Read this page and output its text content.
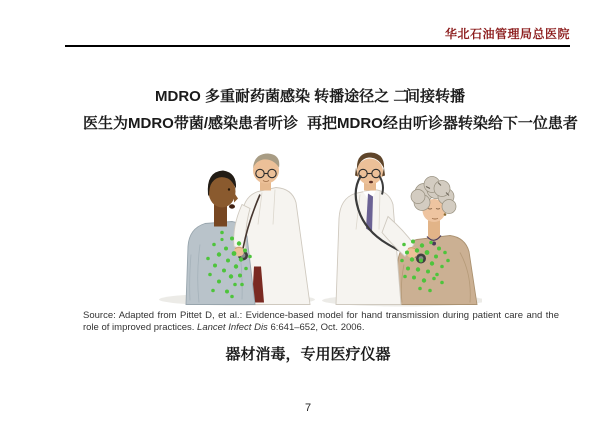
华北石油管理局总医院
MDRO 多重耐药菌感染 转播途径之 二
间接转播
医生为MDRO带菌/感染患者听诊 再把MDRO经由听诊器转染给下一位患者
Source: Adapted from Pittet D, et al.: Evidence-based model for hand transmission during patient care and the role of improved practices. Lancet Infect Dis 6:641–652, Oct. 2006.
器材消毒，专用医疗仪器
7
